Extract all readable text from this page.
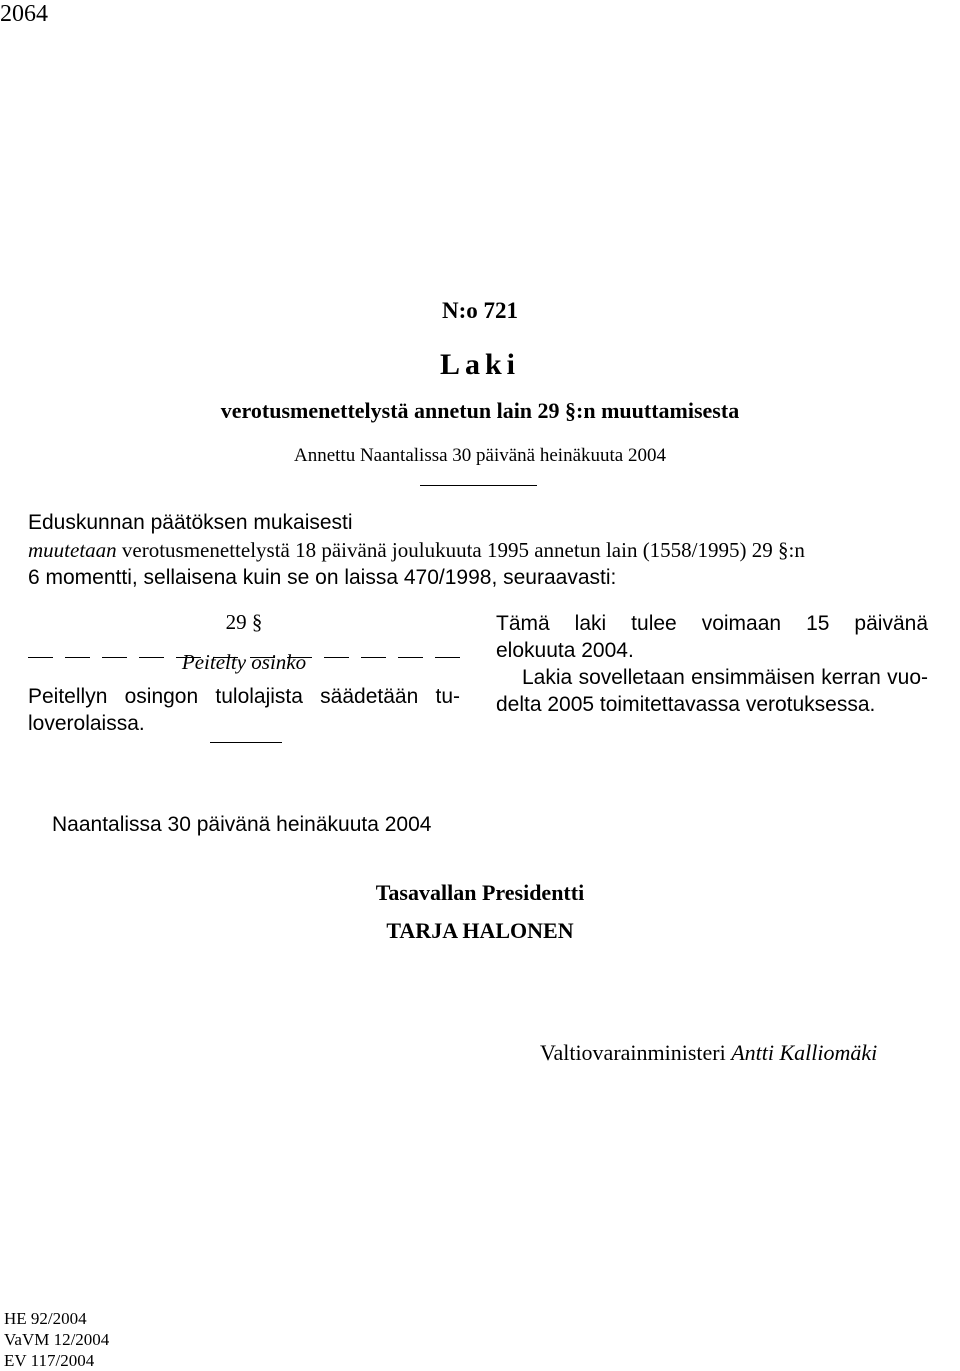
2064
N:o 721
Laki
verotusmenettelystä annetun lain 29 §:n muuttamisesta
Annettu Naantalissa 30 päivänä heinäkuuta 2004
Eduskunnan päätöksen mukaisesti
muutetaan verotusmenettelystä 18 päivänä joulukuuta 1995 annetun lain (1558/1995) 29 §:n
6 momentti, sellaisena kuin se on laissa 470/1998, seuraavasti:
29 §
Peitelty osinko
Peitellyn osingon tulolajista säädetään tu-
loverolaissa.
Tämä laki tulee voimaan 15 päivänä
elokuuta 2004.
Lakia sovelletaan ensimmäisen kerran vuo-
delta 2005 toimitettavassa verotuksessa.
Naantalissa 30 päivänä heinäkuuta 2004
Tasavallan Presidentti
TARJA HALONEN
Valtiovarainministeri Antti Kalliomäki
HE 92/2004
VaVM 12/2004
EV 117/2004
